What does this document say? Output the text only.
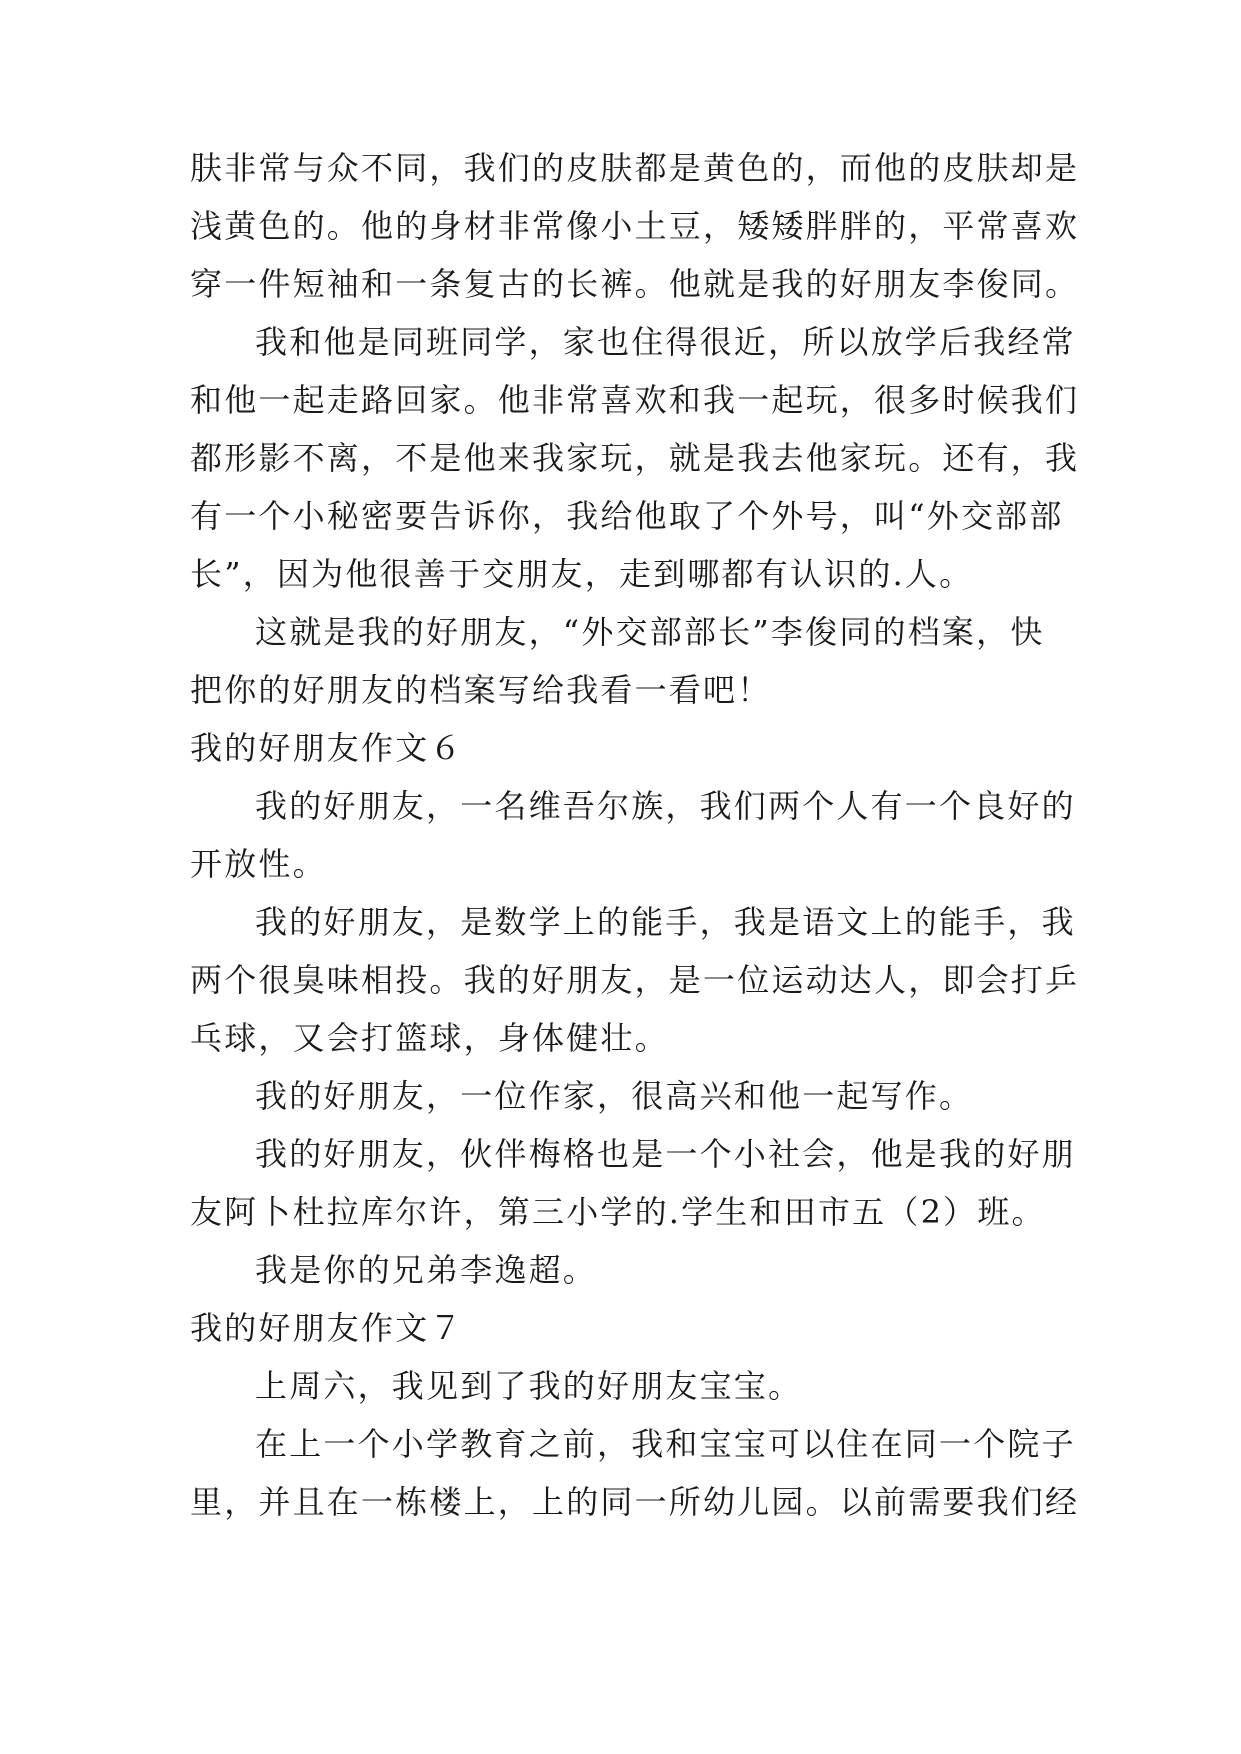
肤非常与众不同，我们的皮肤都是黄色的，而他的皮肤却是
浅黄色的。他的身材非常像小土豆，矮矮胖胖的，平常喜欢
穿一件短袖和一条复古的长裤。他就是我的好朋友李俊同。
我和他是同班同学，家也住得很近，所以放学后我经常
和他一起走路回家。他非常喜欢和我一起玩，很多时候我们
都形影不离，不是他来我家玩，就是我去他家玩。还有，我
有一个小秘密要告诉你，我给他取了个外号，叫“外交部部
长”，因为他很善于交朋友，走到哪都有认识的.人。
这就是我的好朋友，“外交部部长”李俊同的档案，快
把你的好朋友的档案写给我看一看吧！
我的好朋友作文６
我的好朋友，一名维吾尔族，我们两个人有一个良好的
开放性。
我的好朋友，是数学上的能手，我是语文上的能手，我
两个很臭味相投。我的好朋友，是一位运动达人，即会打乒
乓球，又会打篮球，身体健壮。
我的好朋友，一位作家，很高兴和他一起写作。
我的好朋友，伙伴梅格也是一个小社会，他是我的好朋
友阿卜杜拉库尔许，第三小学的.学生和田市五（2）班。
我是你的兄弟李逸超。
我的好朋友作文７
上周六，我见到了我的好朋友宝宝。
在上一个小学教育之前，我和宝宝可以住在同一个院子
里，并且在一栋楼上，上的同一所幼儿园。以前需要我们经
